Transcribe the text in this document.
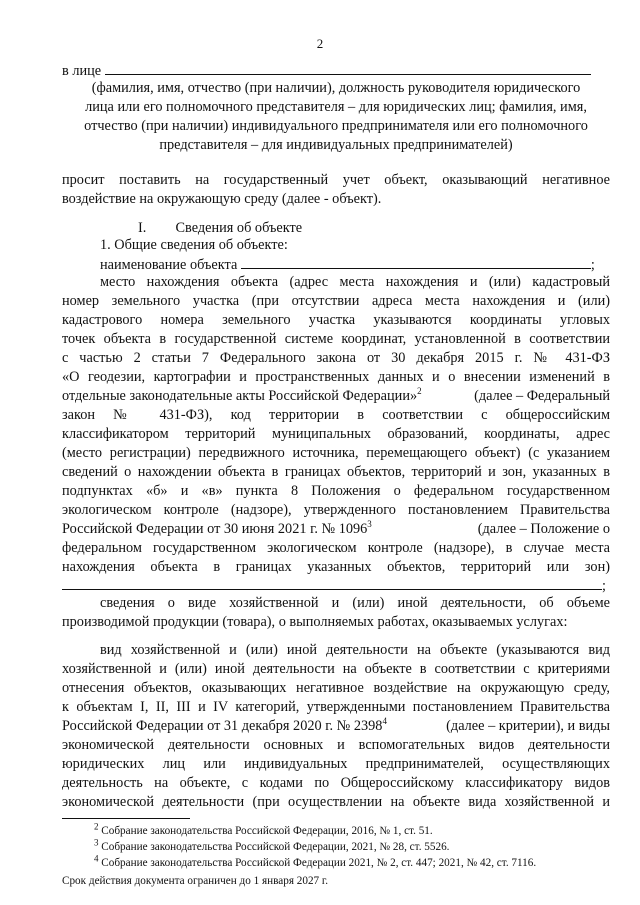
2
в лице
(фамилия, имя, отчество (при наличии), должность руководителя юридического
лица или его полномочного представителя – для юридических лиц; фамилия, имя,
отчество (при наличии) индивидуального предпринимателя или его полномочного
представителя – для индивидуальных предпринимателей)
просит поставить на государственный учет объект, оказывающий негативное
воздействие на окружающую среду (далее - объект).
I. Сведения об объекте
1. Общие сведения об объекте:
наименование объекта	;
место нахождения объекта (адрес места нахождения и (или) кадастровый
номер земельного участка (при отсутствии адреса места нахождения и (или)
кадастрового номера земельного участка указываются координаты угловых
точек объекта в государственной системе координат, установленной в соответствии
с частью 2 статьи 7 Федерального закона от 30 декабря 2015 г. № 431-ФЗ
«О геодезии, картографии и пространственных данных и о внесении изменений в
отдельные законодательные акты Российской Федерации»$^2$	(далее – Федеральный
закон № 431-ФЗ), код территории в соответствии с общероссийским
классификатором территорий муниципальных образований, координаты, адрес
(место регистрации) передвижного источника, перемещающего объект) (с указанием
сведений о нахождении объекта в границах объектов, территорий и зон, указанных в
подпунктах «б» и «в» пункта 8 Положения о федеральном государственном
экологическом контроле (надзоре), утвержденного постановлением Правительства
Российской Федерации от 30 июня 2021 г. № 1096$^3$	(далее – Положение о
федеральном государственном экологическом контроле (надзоре), в случае места
нахождения объекта в границах указанных объектов, территорий или зон)
;
сведения о виде хозяйственной и (или) иной деятельности, об объеме
производимой продукции (товара), о выполняемых работах, оказываемых услугах:
вид хозяйственной и (или) иной деятельности на объекте (указываются вид
хозяйственной и (или) иной деятельности на объекте в соответствии с критериями
отнесения объектов, оказывающих негативное воздействие на окружающую среду,
к объектам I, II, III и IV категорий, утвержденными постановлением Правительства
Российской Федерации от 31 декабря 2020 г. № 2398$^4$	(далее – критерии), и виды
экономической деятельности основных и вспомогательных видов деятельности
юридических лиц или индивидуальных предпринимателей, осуществляющих
деятельность на объекте, с кодами по Общероссийскому классификатору видов
экономической деятельности (при осуществлении на объекте вида хозяйственной и
$^2$ Собрание законодательства Российской Федерации, 2016, № 1, ст. 51.
$^3$ Собрание законодательства Российской Федерации, 2021, № 28, ст. 5526.
$^4$ Собрание законодательства Российской Федерации 2021, № 2, ст. 447; 2021, № 42, ст. 7116.
Срок действия документа ограничен до 1 января 2027 г.
